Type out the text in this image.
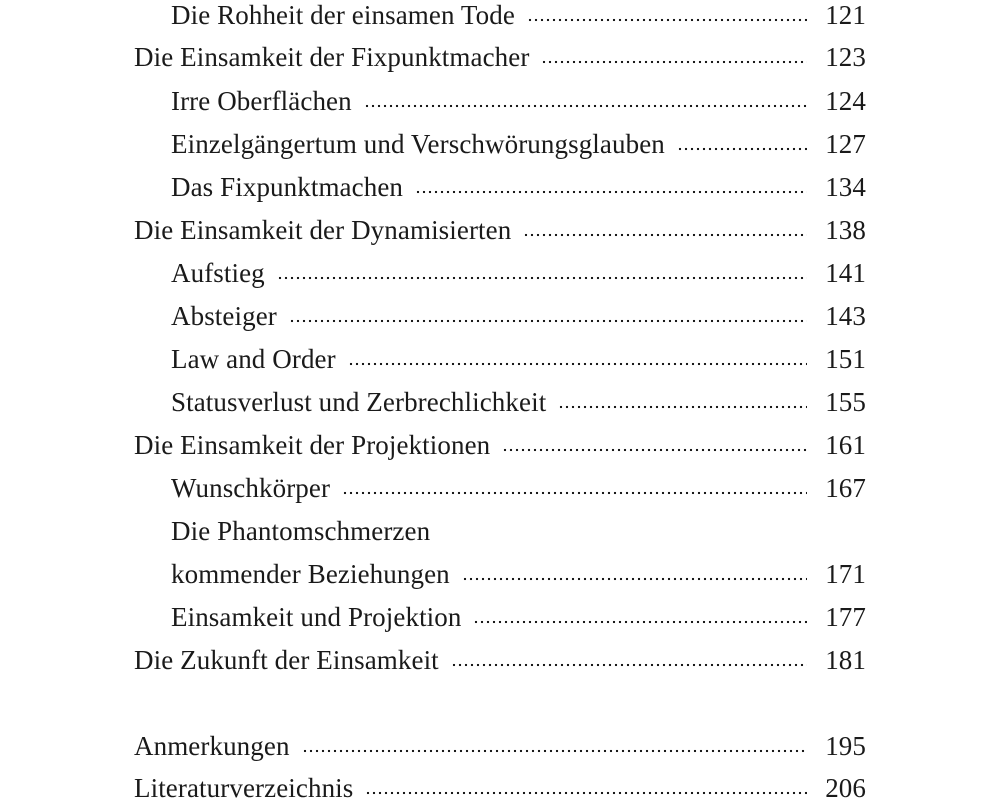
Die Rohheit der einsamen Tode	121
Die Einsamkeit der Fixpunktmacher	123
Irre Oberflächen	124
Einzelgängertum und Verschwörungsglauben	127
Das Fixpunktmachen	134
Die Einsamkeit der Dynamisierten	138
Aufstieg	141
Absteiger	143
Law and Order	151
Statusverlust und Zerbrechlichkeit	155
Die Einsamkeit der Projektionen	161
Wunschkörper	167
Die Phantomschmerzen
kommender Beziehungen	171
Einsamkeit und Projektion	177
Die Zukunft der Einsamkeit	181
Anmerkungen	195
Literaturverzeichnis	206
